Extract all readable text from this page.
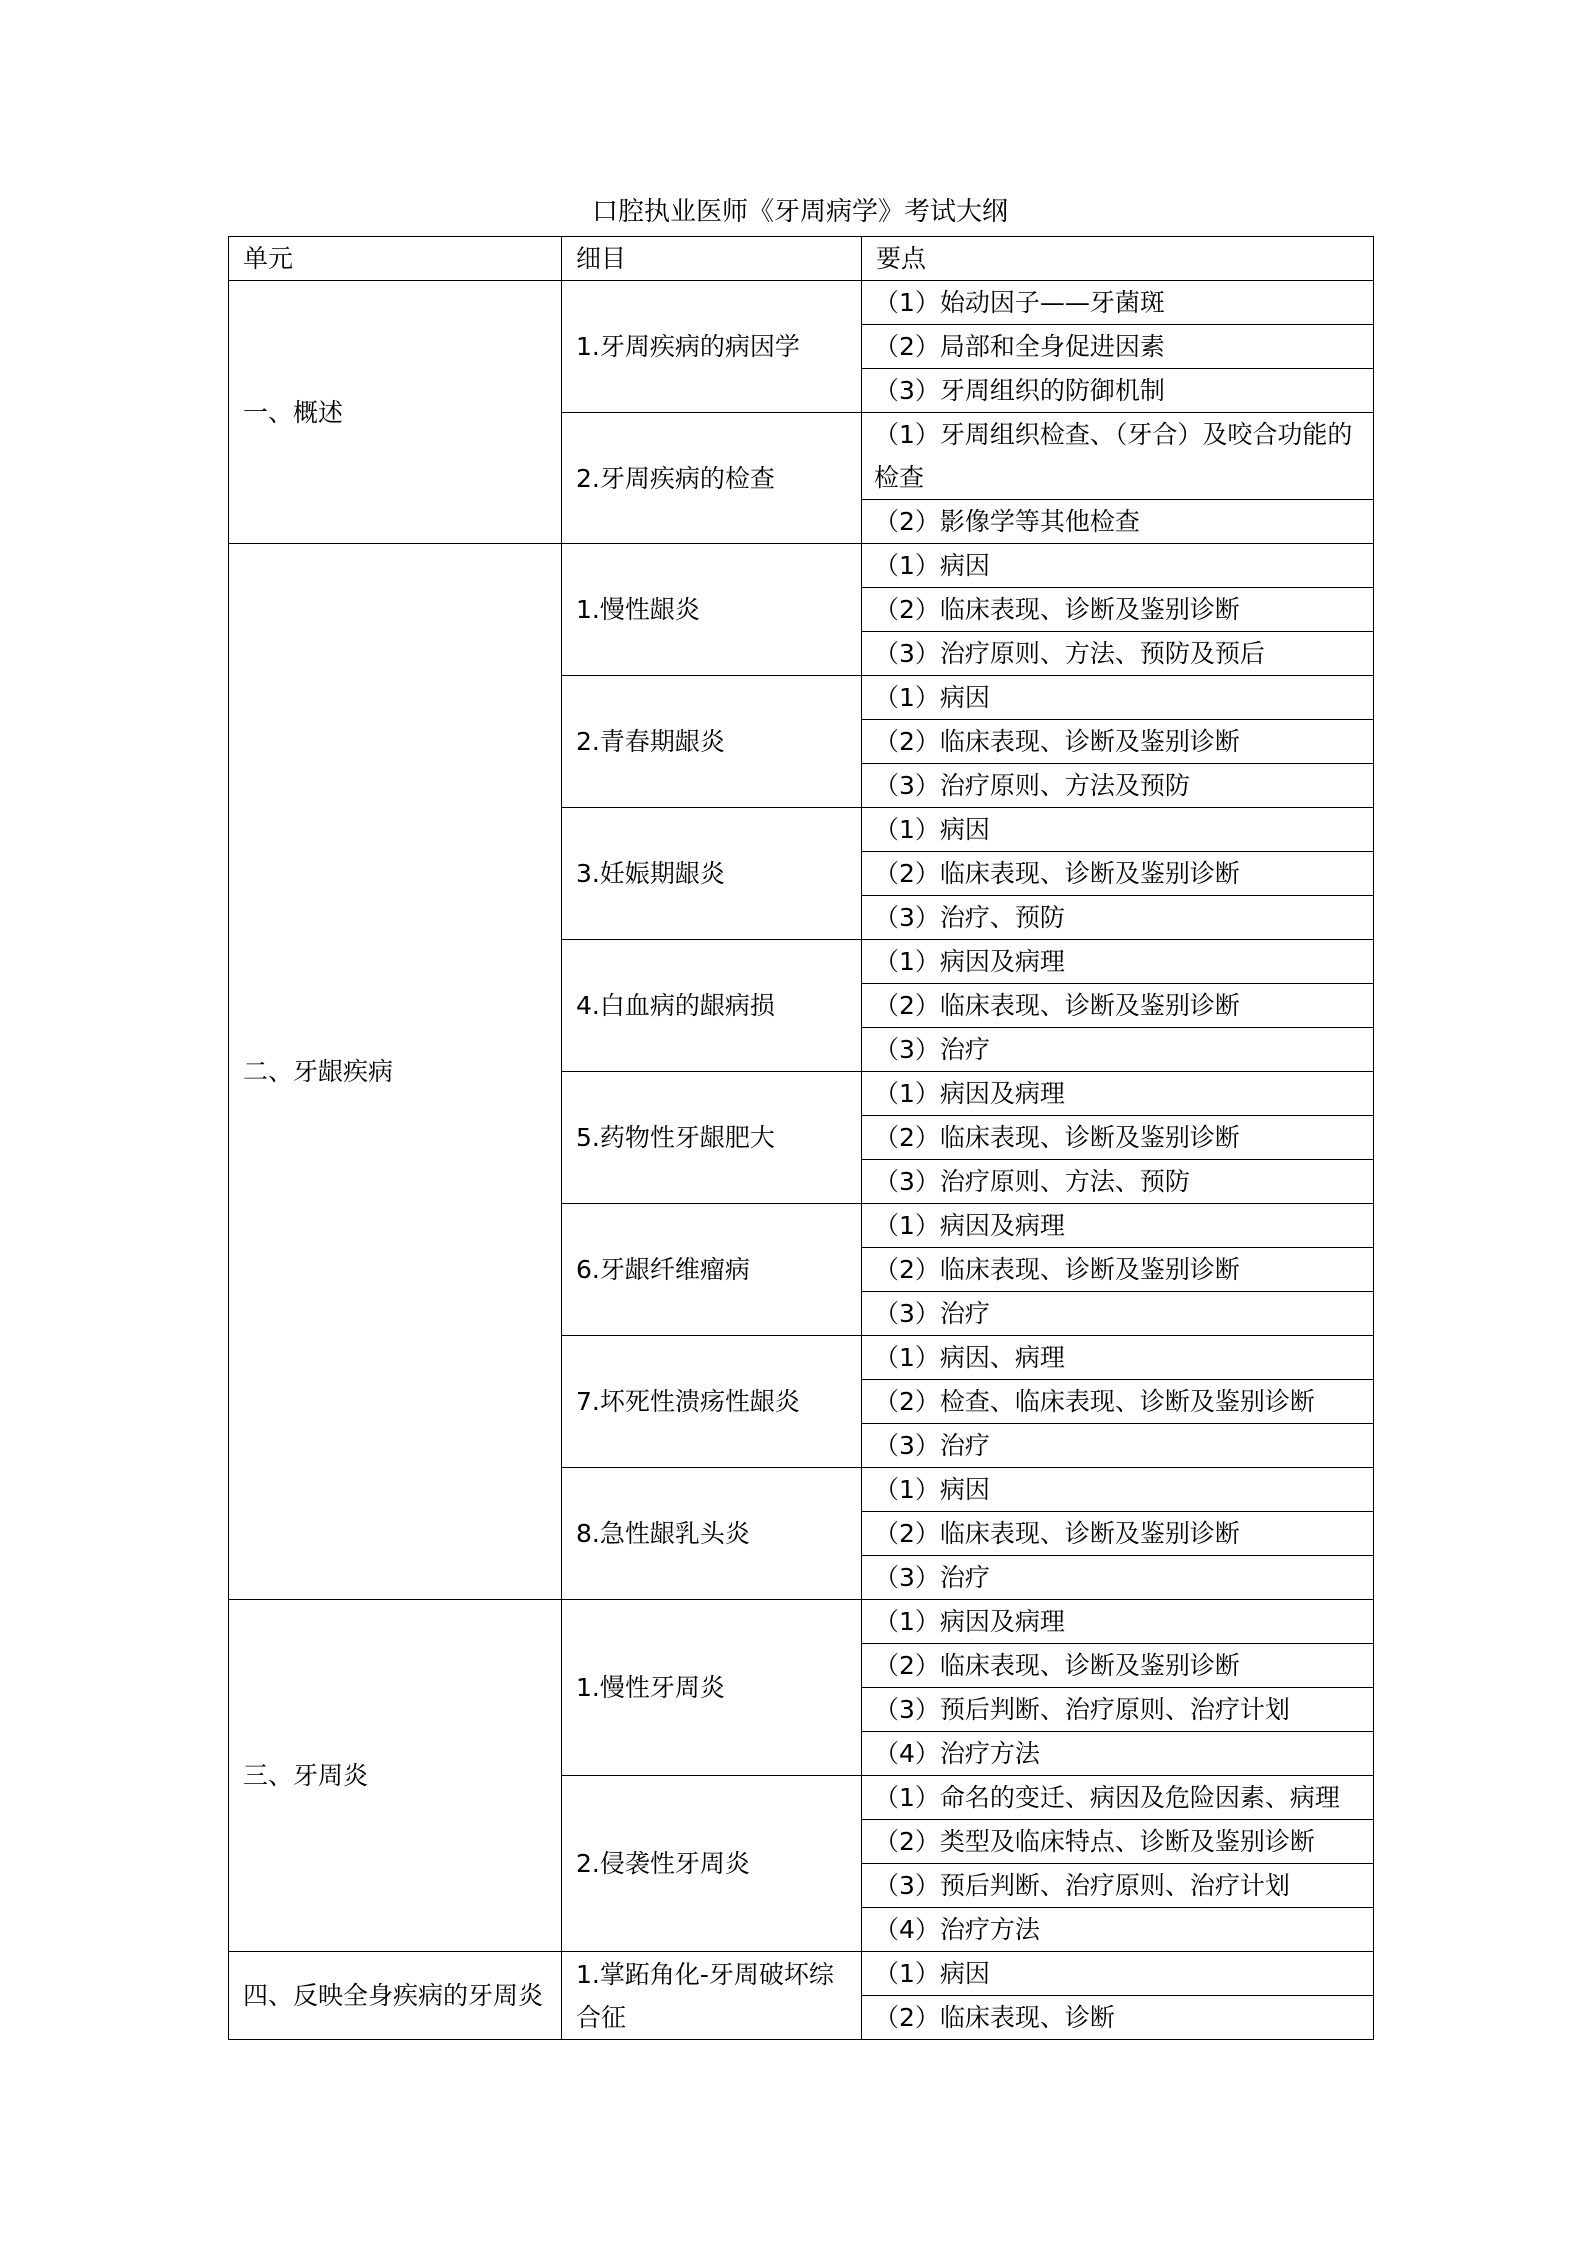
口腔执业医师《牙周病学》考试大纲
单元	细目	要点
一、概述	1.牙周疾病的病因学	（1）始动因子——牙菌斑
		（2）局部和全身促进因素
		（3）牙周组织的防御机制
	2.牙周疾病的检查	（1）牙周组织检查、（牙合）及咬合功能的检查
		（2）影像学等其他检查
二、牙龈疾病	1.慢性龈炎	（1）病因
		（2）临床表现、诊断及鉴别诊断
		（3）治疗原则、方法、预防及预后
	2.青春期龈炎	（1）病因
		（2）临床表现、诊断及鉴别诊断
		（3）治疗原则、方法及预防
	3.妊娠期龈炎	（1）病因
		（2）临床表现、诊断及鉴别诊断
		（3）治疗、预防
	4.白血病的龈病损	（1）病因及病理
		（2）临床表现、诊断及鉴别诊断
		（3）治疗
	5.药物性牙龈肥大	（1）病因及病理
		（2）临床表现、诊断及鉴别诊断
		（3）治疗原则、方法、预防
	6.牙龈纤维瘤病	（1）病因及病理
		（2）临床表现、诊断及鉴别诊断
		（3）治疗
	7.坏死性溃疡性龈炎	（1）病因、病理
		（2）检查、临床表现、诊断及鉴别诊断
		（3）治疗
	8.急性龈乳头炎	（1）病因
		（2）临床表现、诊断及鉴别诊断
		（3）治疗
三、牙周炎	1.慢性牙周炎	（1）病因及病理
		（2）临床表现、诊断及鉴别诊断
		（3）预后判断、治疗原则、治疗计划
		（4）治疗方法
	2.侵袭性牙周炎	（1）命名的变迁、病因及危险因素、病理
		（2）类型及临床特点、诊断及鉴别诊断
		（3）预后判断、治疗原则、治疗计划
		（4）治疗方法
四、反映全身疾病的牙周炎	1.掌跖角化-牙周破坏综合征	（1）病因
		（2）临床表现、诊断
